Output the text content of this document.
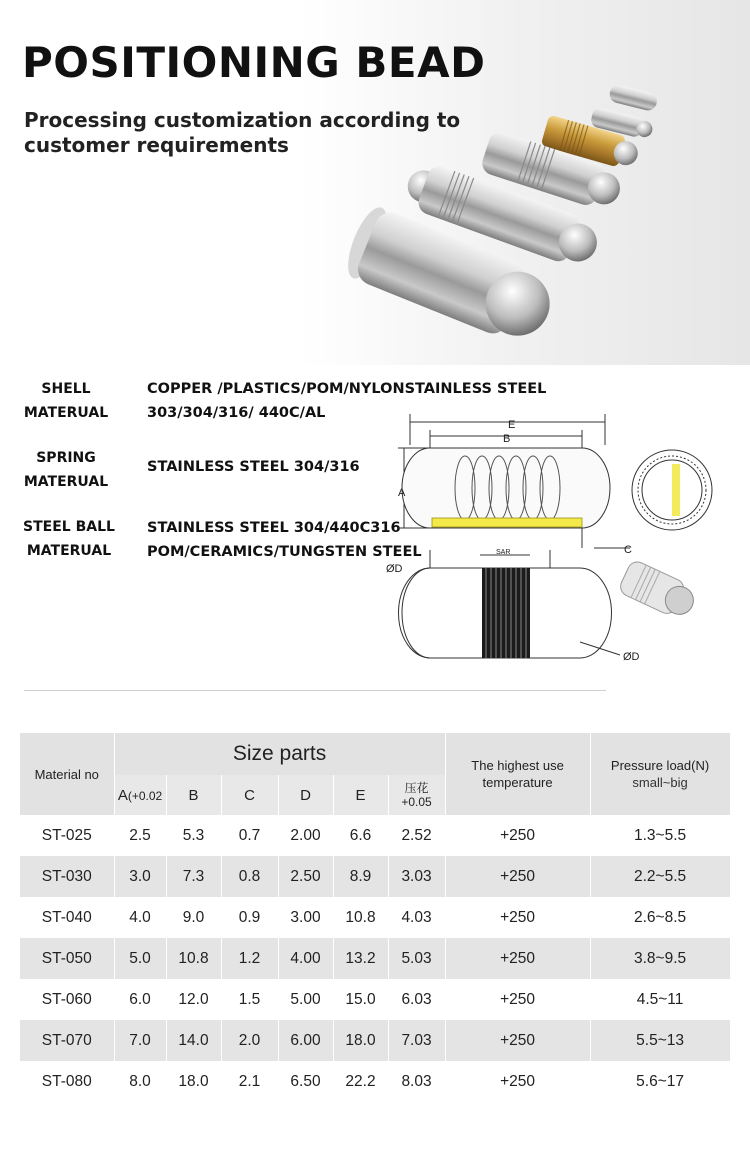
POSITIONING BEAD
Processing customization according to customer requirements
SHELL
MATERUAL
COPPER /PLASTICS/POM/NYLONSTAINLESS STEEL
303/304/316/ 440C/AL
SPRING
MATERUAL
STAINLESS STEEL 304/316
STEEL BALL
MATERUAL
STAINLESS STEEL 304/440C316
POM/CERAMICS/TUNGSTEN STEEL
E
B
A
C
SAR
ØD
ØD
Material no	Size parts						The highest use temperature	Pressure load(N)
small~big

	A(+0.02	B	C	D	E	压花
+0.05		
ST-025	2.5	5.3	0.7	2.00	6.6	2.52	+250	1.3~5.5
ST-030	3.0	7.3	0.8	2.50	8.9	3.03	+250	2.2~5.5
ST-040	4.0	9.0	0.9	3.00	10.8	4.03	+250	2.6~8.5
ST-050	5.0	10.8	1.2	4.00	13.2	5.03	+250	3.8~9.5
ST-060	6.0	12.0	1.5	5.00	15.0	6.03	+250	4.5~11
ST-070	7.0	14.0	2.0	6.00	18.0	7.03	+250	5.5~13
ST-080	8.0	18.0	2.1	6.50	22.2	8.03	+250	5.6~17
